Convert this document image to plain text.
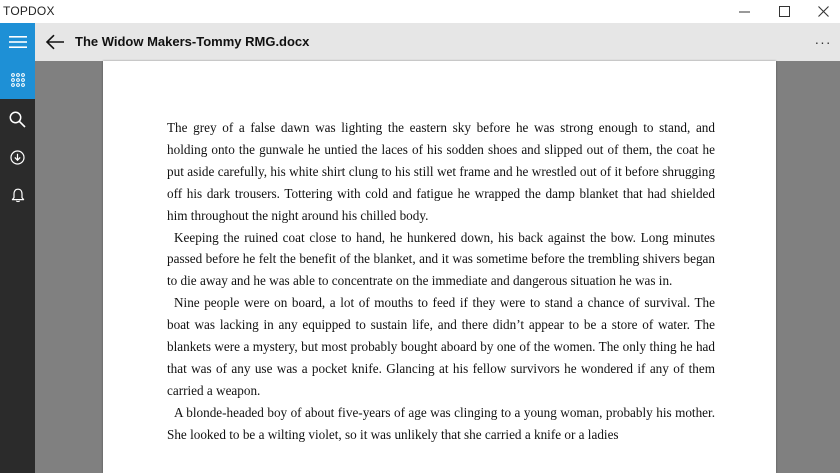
TOPDOX
The Widow Makers-Tommy RMG.docx	···

The grey of a false dawn was lighting the eastern sky before he was strong enough to stand, and holding onto the gunwale he untied the laces of his sodden shoes and slipped out of them, the coat he put aside carefully, his white shirt clung to his still wet frame and he wrestled out of it before shrugging off his dark trousers. Tottering with cold and fatigue he wrapped the damp blanket that had shielded him throughout the night around his chilled body.

Keeping the ruined coat close to hand, he hunkered down, his back against the bow. Long minutes passed before he felt the benefit of the blanket, and it was sometime before the trembling shivers began to die away and he was able to concentrate on the immediate and dangerous situation he was in.

Nine people were on board, a lot of mouths to feed if they were to stand a chance of survival. The boat was lacking in any equipped to sustain life, and there didn’t appear to be a store of water. The blankets were a mystery, but most probably bought aboard by one of the women. The only thing he had that was of any use was a pocket knife. Glancing at his fellow survivors he wondered if any of them carried a weapon.

A blonde-headed boy of about five-years of age was clinging to a young woman, probably his mother. She looked to be a wilting violet, so it was unlikely that she carried a knife or a ladies
